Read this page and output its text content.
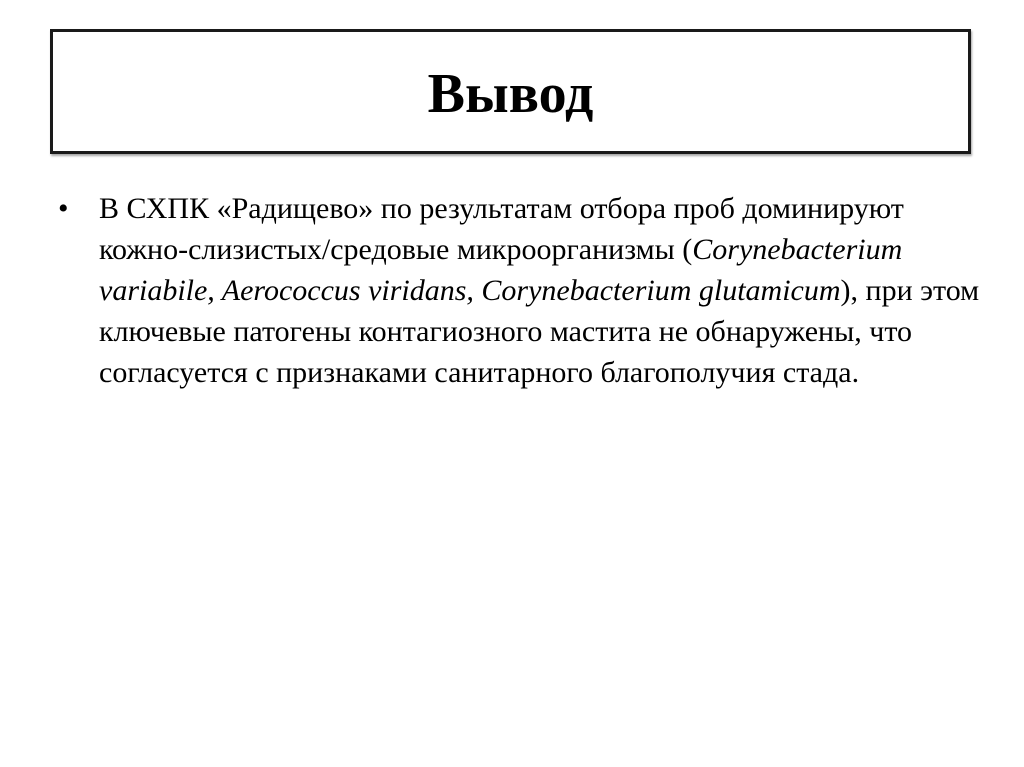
Вывод
•	В СХПК «Радищево» по результатам отбора проб доминируют кожно-слизистых/средовые микроорганизмы (Corynebacterium variabile, Aerococcus viridans, Corynebacterium glutamicum), при этом ключевые патогены контагиозного мастита не обнаружены, что согласуется с признаками санитарного благополучия стада.
